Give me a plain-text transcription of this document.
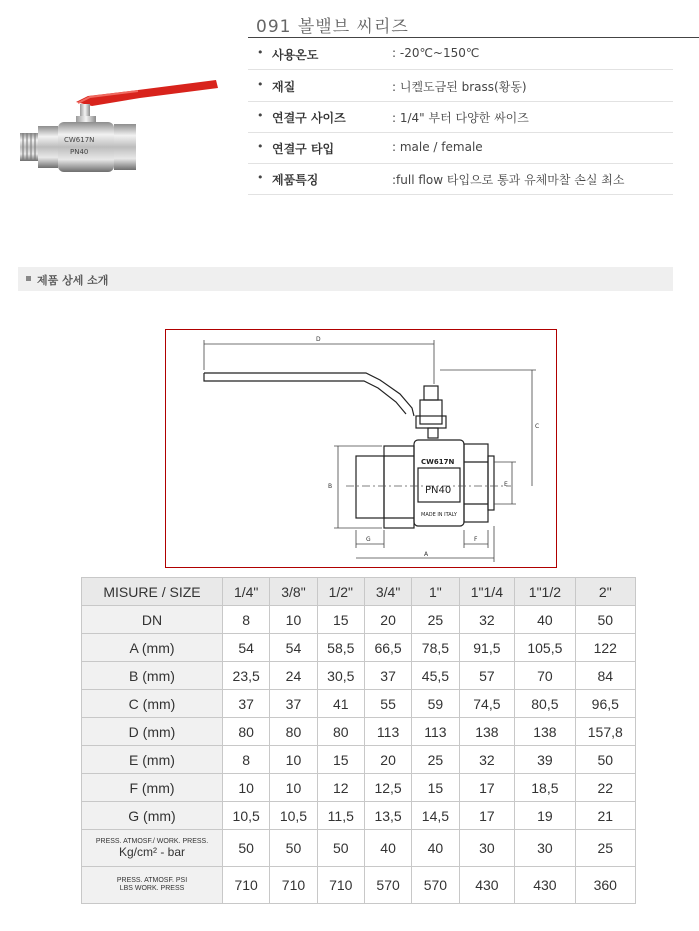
091 볼밸브 씨리즈
• 사용온도	: -20℃~150℃
• 재질	: 니켈도금된 brass(황동)
• 연결구 사이즈	: 1/4" 부터 다양한 싸이즈
• 연결구 타입	: male / female
• 제품특징	:full flow 타입으로 통과 유체마찰 손실 최소
CW617N
PN40
제품 상세 소개
D
C
B	E
G	F
A
CW617N
PN40
MADE IN ITALY
MISURE / SIZE	1/4"	3/8"	1/2"	3/4"	1"	1"1/4	1"1/2	2"
DN	8	10	15	20	25	32	40	50
A (mm)	54	54	58,5	66,5	78,5	91,5	105,5	122
B (mm)	23,5	24	30,5	37	45,5	57	70	84
C (mm)	37	37	41	55	59	74,5	80,5	96,5
D (mm)	80	80	80	113	113	138	138	157,8
E (mm)	8	10	15	20	25	32	39	50
F (mm)	10	10	12	12,5	15	17	18,5	22
G (mm)	10,5	10,5	11,5	13,5	14,5	17	19	21

PRESS. ATMOSF./ WORK. PRESS.
Kg/cm² - bar	50	50	50	40	40	30	30	25

PRESS. ATMOSF. PSI
LBS WORK. PRESS	710	710	710	570	570	430	430	360
